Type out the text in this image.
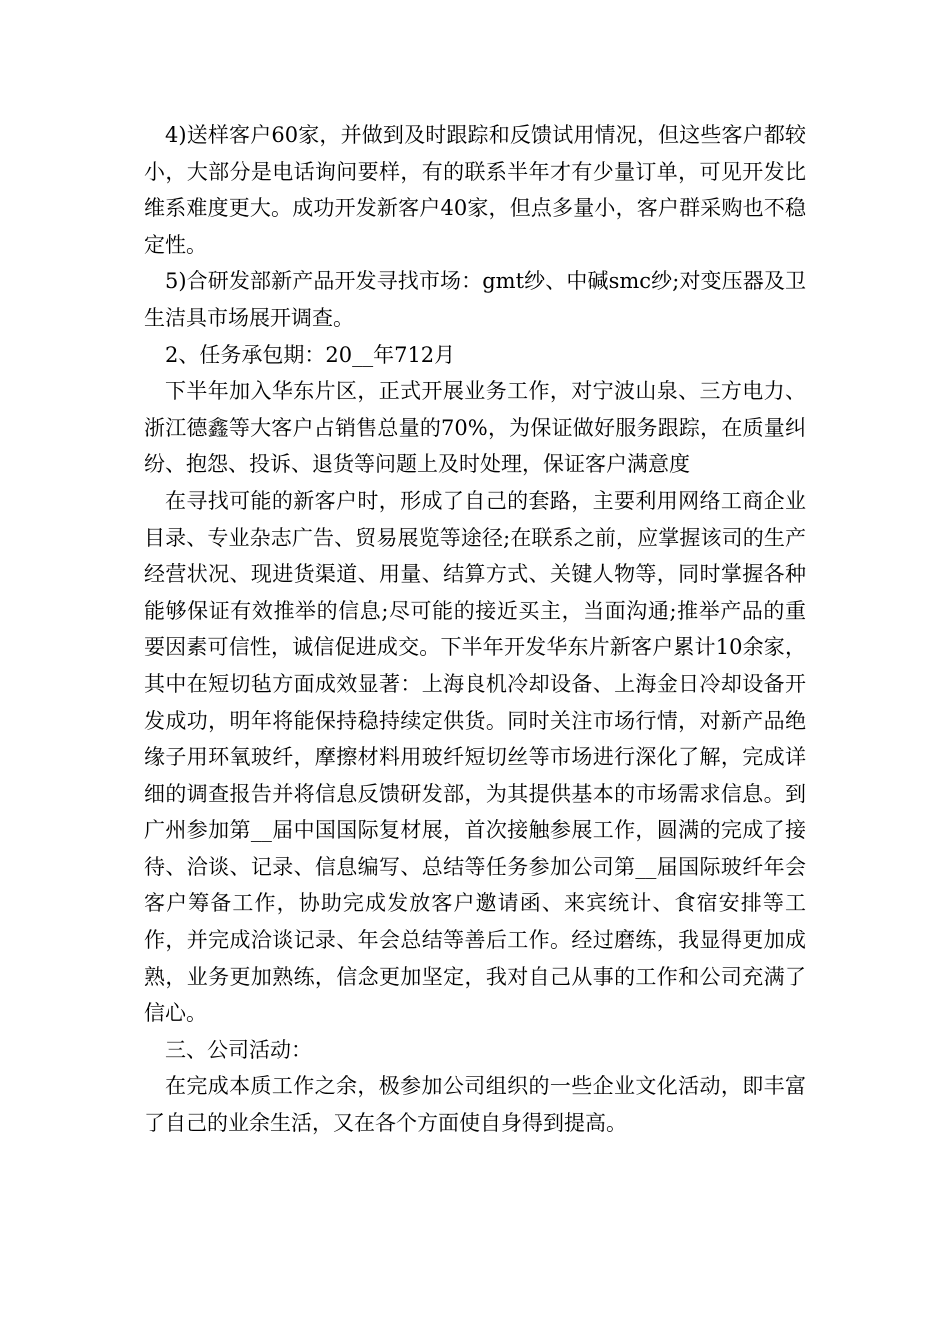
4)送样客户60家，并做到及时跟踪和反馈试用情况，但这些客户都较小，大部分是电话询问要样，有的联系半年才有少量订单，可见开发比维系难度更大。成功开发新客户40家，但点多量小，客户群采购也不稳定性。

5)合研发部新产品开发寻找市场：gmt纱、中碱smc纱;对变压器及卫生洁具市场展开调查。

2、任务承包期：20__年712月

下半年加入华东片区，正式开展业务工作，对宁波山泉、三方电力、浙江德鑫等大客户占销售总量的70%，为保证做好服务跟踪，在质量纠纷、抱怨、投诉、退货等问题上及时处理，保证客户满意度

在寻找可能的新客户时，形成了自己的套路，主要利用网络工商企业目录、专业杂志广告、贸易展览等途径;在联系之前，应掌握该司的生产经营状况、现进货渠道、用量、结算方式、关键人物等，同时掌握各种能够保证有效推举的信息;尽可能的接近买主，当面沟通;推举产品的重要因素可信性，诚信促进成交。下半年开发华东片新客户累计10余家，其中在短切毡方面成效显著：上海良机冷却设备、上海金日冷却设备开发成功，明年将能保持稳持续定供货。同时关注市场行情，对新产品绝缘子用环氧玻纤，摩擦材料用玻纤短切丝等市场进行深化了解，完成详细的调查报告并将信息反馈研发部，为其提供基本的市场需求信息。到广州参加第__届中国国际复材展，首次接触参展工作，圆满的完成了接待、洽谈、记录、信息编写、总结等任务参加公司第__届国际玻纤年会客户筹备工作，协助完成发放客户邀请函、来宾统计、食宿安排等工作，并完成洽谈记录、年会总结等善后工作。经过磨练，我显得更加成熟，业务更加熟练，信念更加坚定，我对自己从事的工作和公司充满了信心。

三、公司活动：

在完成本质工作之余，极参加公司组织的一些企业文化活动，即丰富了自己的业余生活，又在各个方面使自身得到提高。
